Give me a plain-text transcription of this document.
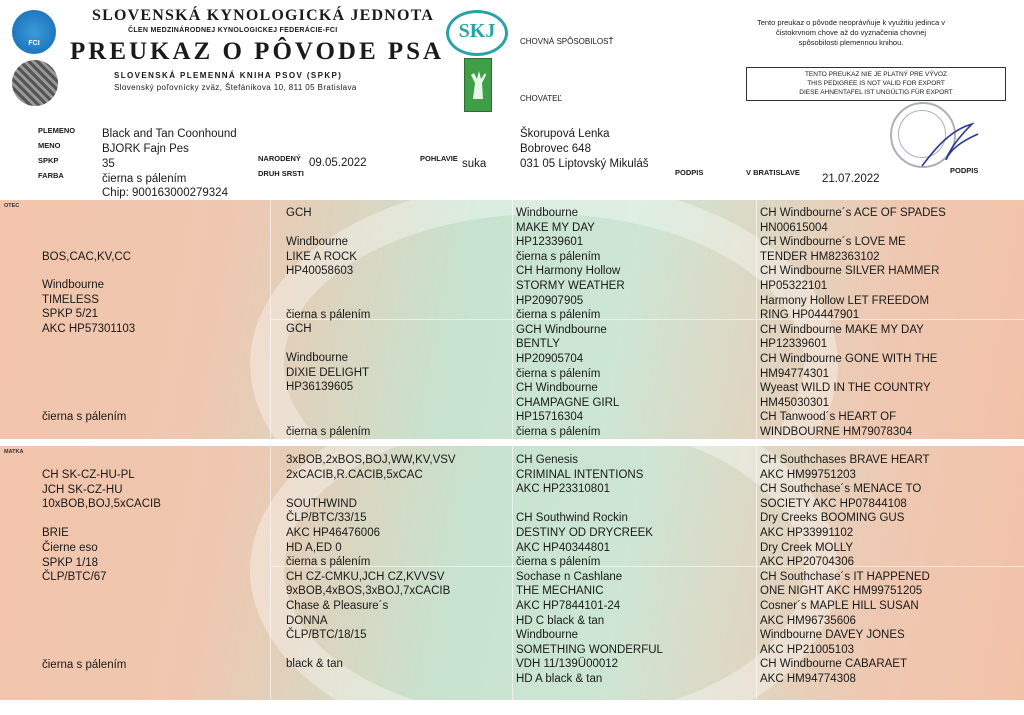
FCI
SLOVENSKÁ KYNOLOGICKÁ JEDNOTA
ČLEN MEDZINÁRODNEJ KYNOLOGICKEJ FEDERÁCIE-FCI
PREUKAZ O PÔVODE PSA
SLOVENSKÁ PLEMENNÁ KNIHA PSOV (SPKP)
Slovenský poľovnícky zväz, Štefánikova 10, 811 05 Bratislava
SKJ	CHOVNÁ SPÔSOBILOSŤ
CHOVATEĽ
Tento preukaz o pôvode neoprávňuje k využitiu jedinca v čistokrvnom chove až do vyznačenia chovnej spôsobilosti plemennou knihou.
TENTO PREUKAZ NIE JE PLATNÝ PRE VÝVOZ
THIS PEDIGREE IS NOT VALID FOR EXPORT
DIESE AHNENTAFEL IST UNGÜLTIG FÜR EXPORT
PLEMENO
MENO
SPKP
FARBA
Black and Tan Coonhound
BJORK Fajn Pes
35
čierna s pálením
Chip: 900163000279324
NARODENÝ 09.05.2022
DRUH SRSTI
POHLAVIE suka
Škorupová Lenka
Bobrovec 648
031 05 Liptovský Mikuláš
PODPIS	V BRATISLAVE
21.07.2022
PODPIS
OTEC
BOS,CAC,KV,CC

Windbourne
TIMELESS
SPKP 5/21
AKC HP57301103
čierna s pálením
GCH
Windbourne
LIKE A ROCK
HP40058603
čierna s pálením
GCH
Windbourne
DIXIE DELIGHT
HP36139605
čierna s pálením
Windbourne
MAKE MY DAY
HP12339601
čierna s pálením
CH Harmony Hollow
STORMY WEATHER
HP20907905
čierna s pálením
GCH Windbourne
BENTLY
HP20905704
čierna s pálením
CH Windbourne
CHAMPAGNE GIRL
HP15716304
čierna s pálením
CH Windbourne´s ACE OF SPADES
HN00615004
CH Windbourne´s LOVE ME
TENDER HM82363102
CH Windbourne SILVER HAMMER
HP05322101
Harmony Hollow LET FREEDOM
RING HP04447901
CH Windbourne MAKE MY DAY
HP12339601
CH Windbourne GONE WITH THE
HM94774301
Wyeast WILD IN THE COUNTRY
HM45030301
CH Tanwood´s HEART OF
WINDBOURNE HM79078304
MATKA
CH SK-CZ-HU-PL
JCH SK-CZ-HU
10xBOB,BOJ,5xCACIB

BRIE
Čierne eso
SPKP 1/18
ČLP/BTC/67
čierna s pálením
3xBOB,2xBOS,BOJ,WW,KV,VSV
2xCACIB,R.CACIB,5xCAC

SOUTHWIND
ČLP/BTC/33/15
AKC HP46476006
HD A,ED 0
čierna s pálením
CH CZ-CMKU,JCH CZ,KVVSV
9xBOB,4xBOS,3xBOJ,7xCACIB
Chase & Pleasure´s
DONNA
ČLP/BTC/18/15

black & tan
CH Genesis
CRIMINAL INTENTIONS
AKC HP23310801

CH Southwind Rockin
DESTINY OD DRYCREEK
AKC HP40344801
čierna s pálením
Sochase n Cashlane
THE MECHANIC
AKC HP7844101-24
HD C black & tan
Windbourne
SOMETHING WONDERFUL
VDH 11/139Ü00012
HD A black & tan
CH Southchases BRAVE HEART
AKC HM99751203
CH Southchase´s MENACE TO
SOCIETY AKC HP07844108
Dry Creeks BOOMING GUS
AKC HP33991102
Dry Creek MOLLY
AKC HP20704306
CH Southchase´s IT HAPPENED
ONE NIGHT AKC HM99751205
Cosner´s MAPLE HILL SUSAN
AKC HM96735606
Windbourne DAVEY JONES
AKC HP21005103
CH Windbourne CABARAET
AKC HM94774308
